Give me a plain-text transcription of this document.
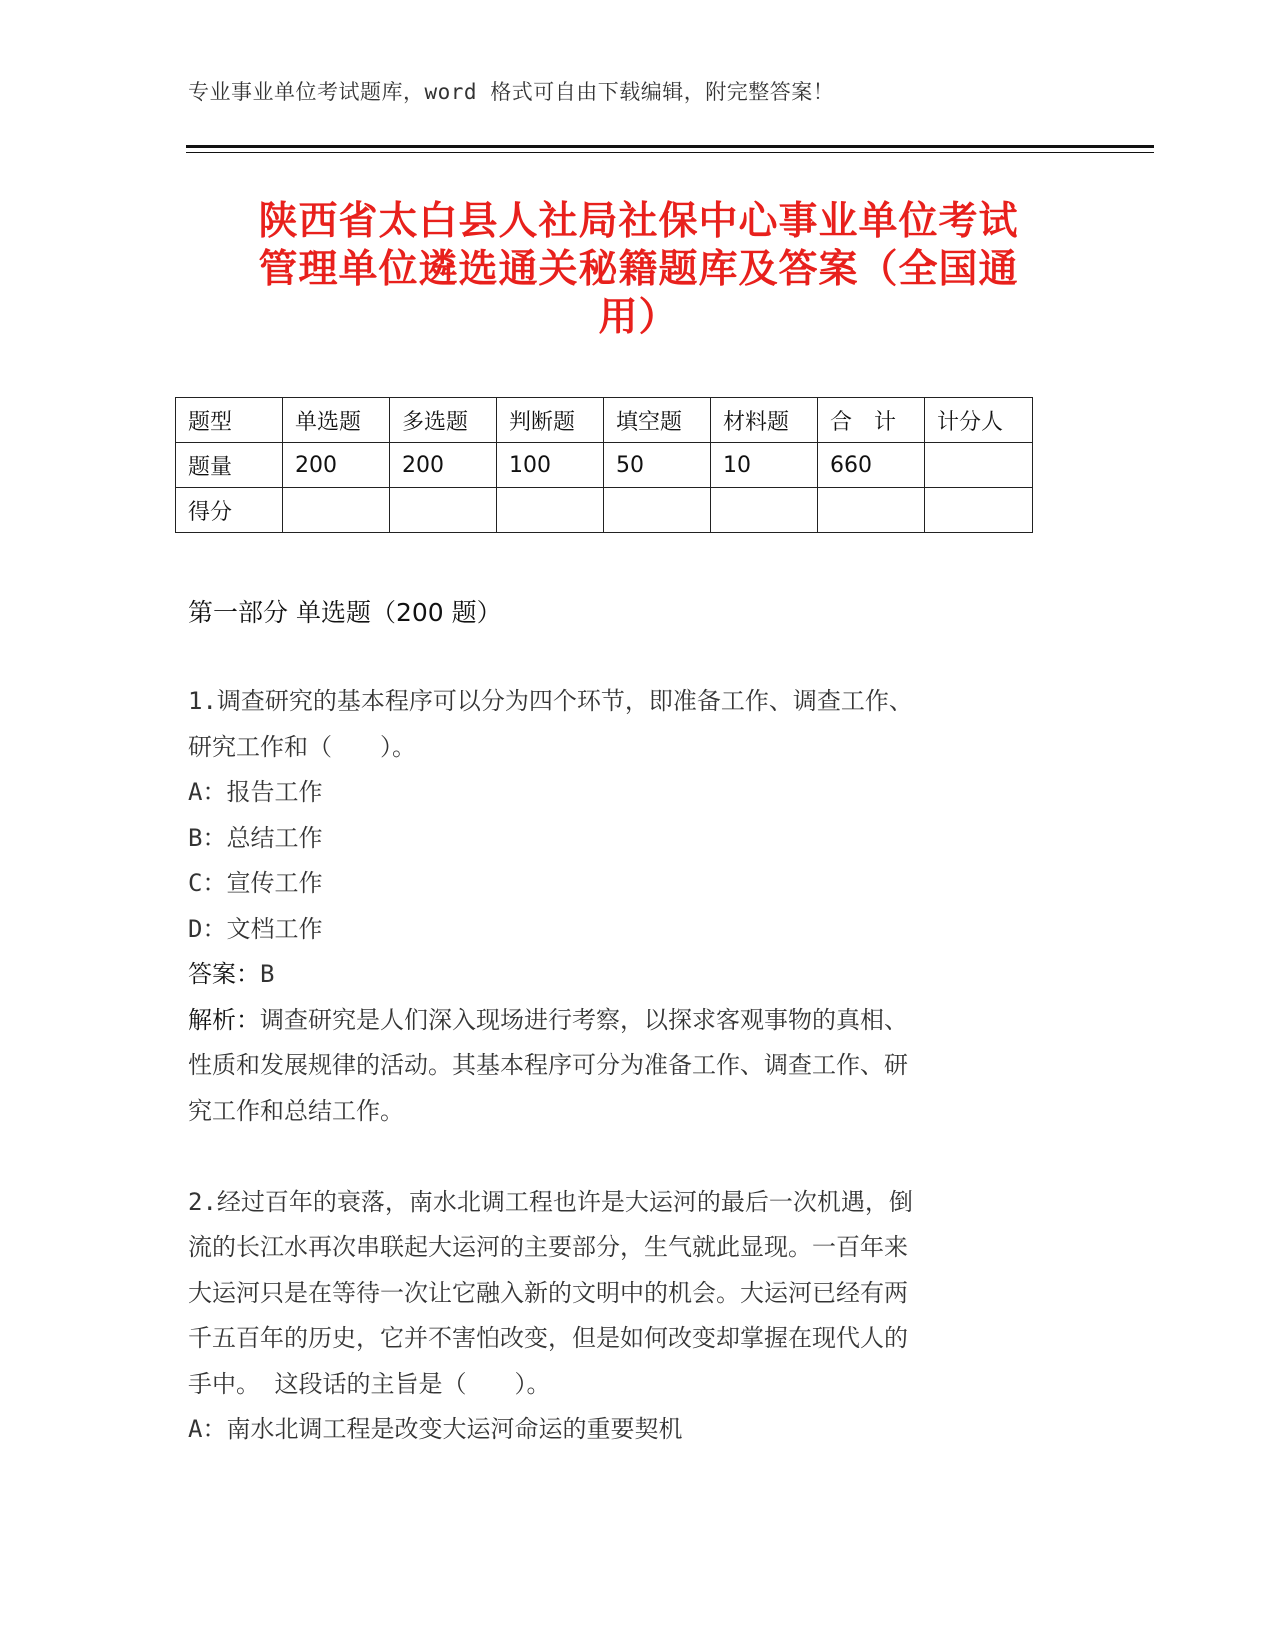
专业事业单位考试题库，word 格式可自由下载编辑，附完整答案！
陕西省太白县人社局社保中心事业单位考试
管理单位遴选通关秘籍题库及答案（全国通
用）
题型	单选题	多选题	判断题	填空题	材料题	合　计	计分人
题量	200	200	100	50	10	660	
得分							
第一部分 单选题（200 题）

1.调查研究的基本程序可以分为四个环节，即准备工作、调查工作、

研究工作和（　　）。

A：报告工作

B：总结工作

C：宣传工作

D：文档工作

答案：B

解析：调查研究是人们深入现场进行考察，以探求客观事物的真相、

性质和发展规律的活动。其基本程序可分为准备工作、调查工作、研

究工作和总结工作。

2.经过百年的衰落，南水北调工程也许是大运河的最后一次机遇，倒

流的长江水再次串联起大运河的主要部分，生气就此显现。一百年来

大运河只是在等待一次让它融入新的文明中的机会。大运河已经有两

千五百年的历史，它并不害怕改变，但是如何改变却掌握在现代人的

手中。 这段话的主旨是（　　）。

A：南水北调工程是改变大运河命运的重要契机
